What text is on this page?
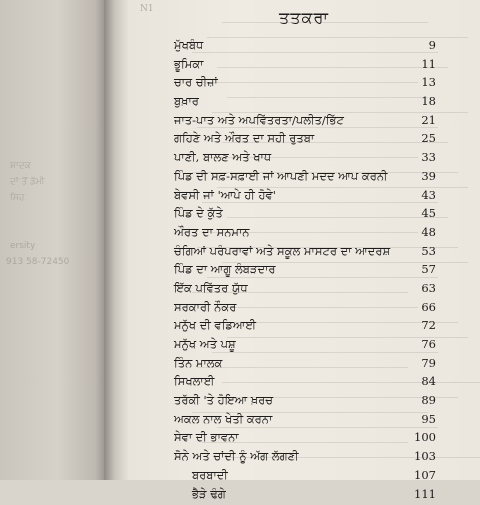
ਸ਼ਾਦਕ
ਦਾਂ ਤੋਂ ਡੋਮੀ
ਸਿਹ
ersity
913 58-72450
N1	ਤਤਕਰਾ
ਮੁੱਖਬੰਧ	9
ਭੂਮਿਕਾ	11
ਚਾਰ ਚੀਜ਼ਾਂ	13
ਬੁਖ਼ਾਰ	18
ਜਾਤ-ਪਾਤ ਅਤੇ ਅਪਵਿੱਤਰਤਾ/ਪਲੀਤ/ਭਿੱਟ	21
ਗਹਿਣੇ ਅਤੇ ਔਰਤ ਦਾ ਸਹੀ ਰੁਤਬਾ	25
ਪਾਣੀ, ਬਾਲਣ ਅਤੇ ਖਾਧ	33
ਪਿੰਡ ਦੀ ਸਫ਼-ਸਫ਼ਾਈ ਜਾਂ ਆਪਣੀ ਮਦਦ ਆਪ ਕਰਨੀ	39
ਬੇਵਸੀ ਜਾਂ 'ਆਪੇ ਹੀ ਹੋਵੇ'	43
ਪਿੰਡ ਦੇ ਕੁੱਤੇ	45
ਔਰਤ ਦਾ ਸਨਮਾਨ	48
ਚੰਗਿਆਂ ਪਰੰਪਰਾਵਾਂ ਅਤੇ ਸਕੂਲ ਮਾਸਟਰ ਦਾ ਆਦਰਸ਼	53
ਪਿੰਡ ਦਾ ਆਗੂ ਲੰਬੜਦਾਰ	57
ਇੱਕ ਪਵਿੱਤਰ ਯੁੱਧ	63
ਸਰਕਾਰੀ ਨੌਕਰ	66
ਮਨੁੱਖ ਦੀ ਵਡਿਆਈ	72
ਮਨੁੱਖ ਅਤੇ ਪਸ਼ੂ	76
ਤਿੰਨ ਮਾਲਕ	79
ਸਿਖਲਾਈ	84
ਤਰੱਕੀ 'ਤੇ ਹੋਇਆ ਖ਼ਰਚ	89
ਅਕਲ ਨਾਲ ਖੇਤੀ ਕਰਨਾ	95
ਸੇਵਾ ਦੀ ਭਾਵਨਾ	100
ਸੋਨੇ ਅਤੇ ਚਾਂਦੀ ਨੂੰ ਅੱਗ ਲੱਗਣੀ	103
ਬਰਬਾਦੀ	107
ਭੈੜੇ ਢੰਗੇ	111
